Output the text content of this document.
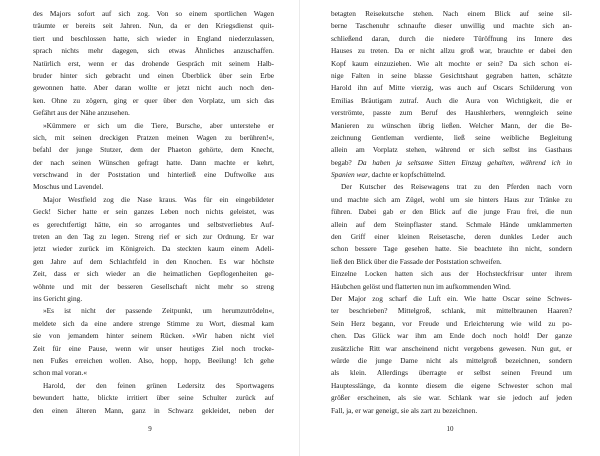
des Majors sofort auf sich zog. Von so einem sportlichen Wagen
träumte er bereits seit Jahren. Nun, da er den Kriegsdienst quit-
tiert und beschlossen hatte, sich wieder in England niederzulassen,
sprach nichts mehr dagegen, sich etwas Ähnliches anzuschaffen.
Natürlich erst, wenn er das drohende Gespräch mit seinem Halb-
bruder hinter sich gebracht und einen Überblick über sein Erbe
gewonnen hatte. Aber daran wollte er jetzt nicht auch noch den-
ken. Ohne zu zögern, ging er quer über den Vorplatz, um sich das
Gefährt aus der Nähe anzusehen.
»Kümmere er sich um die Tiere, Bursche, aber unterstehe er
sich, mit seinen dreckigen Pratzen meinen Wagen zu berühren!«,
befahl der junge Stutzer, dem der Phaeton gehörte, dem Knecht,
der nach seinen Wünschen gefragt hatte. Dann machte er kehrt,
verschwand in der Poststation und hinterließ eine Duftwolke aus
Moschus und Lavendel.
Major Westfield zog die Nase kraus. Was für ein eingebildeter
Geck! Sicher hatte er sein ganzes Leben noch nichts geleistet, was
es gerechtfertigt hätte, ein so arrogantes und selbstverliebtes Auf-
treten an den Tag zu legen. Streng rief er sich zur Ordnung. Er war
jetzt wieder zurück im Königreich. Da steckten kaum einem Adeli-
gen Jahre auf dem Schlachtfeld in den Knochen. Es war höchste
Zeit, dass er sich wieder an die heimatlichen Gepflogenheiten ge-
wöhnte und mit der besseren Gesellschaft nicht mehr so streng
ins Gericht ging.
»Es ist nicht der passende Zeitpunkt, um herumzutrödeln«,
meldete sich da eine andere strenge Stimme zu Wort, diesmal kam
sie von jemandem hinter seinem Rücken. »Wir haben nicht viel
Zeit für eine Pause, wenn wir unser heutiges Ziel noch trocke-
nen Fußes erreichen wollen. Also, hopp, hopp, Beeilung! Ich gehe
schon mal voran.«
Harold, der den feinen grünen Ledersitz des Sportwagens
bewundert hatte, blickte irritiert über seine Schulter zurück auf
den einen älteren Mann, ganz in Schwarz gekleidet, neben der
9
betagten Reisekutsche stehen. Nach einem Blick auf seine sil-
berne Taschenuhr schnaufte dieser unwillig und machte sich an-
schließend daran, durch die niedere Türöffnung ins Innere des
Hauses zu treten. Da er nicht allzu groß war, brauchte er dabei den
Kopf kaum einzuziehen. Wie alt mochte er sein? Da sich schon ei-
nige Falten in seine blasse Gesichtshaut gegraben hatten, schätzte
Harold ihn auf Mitte vierzig, was auch auf Oscars Schilderung von
Emilias Bräutigam zutraf. Auch die Aura von Wichtigkeit, die er
verströmte, passte zum Beruf des Haushlerhers, wenngleich seine
Manieren zu wünschen übrig ließen. Welcher Mann, der die Be-
zeichnung Gentleman verdiente, ließ seine weibliche Begleitung
allein am Vorplatz stehen, während er sich selbst ins Gasthaus
begab? Da haben ja seltsame Sitten Einzug gehalten, während ich in
Spanien war, dachte er kopfschüttelnd.
Der Kutscher des Reisewagens trat zu den Pferden nach vorn
und machte sich am Zügel, wohl um sie hinters Haus zur Tränke zu
führen. Dabei gab er den Blick auf die junge Frau frei, die nun
allein auf dem Steinpflaster stand. Schmale Hände umklammerten
den Griff einer kleinen Reisetasche, deren dunkles Leder auch
schon bessere Tage gesehen hatte. Sie beachtete ihn nicht, sondern
ließ den Blick über die Fassade der Poststation schweifen.
Einzelne Locken hatten sich aus der Hochsteckfrisur unter ihrem
Häubchen gelöst und flatterten nun im aufkommenden Wind.
Der Major zog scharf die Luft ein. Wie hatte Oscar seine Schwes-
ter beschrieben? Mittelgroß, schlank, mit mittelbraunen Haaren?
Sein Herz begann, vor Freude und Erleichterung wie wild zu po-
chen. Das Glück war ihm am Ende doch noch hold! Der ganze
zusätzliche Ritt war anscheinend nicht vergebens gewesen. Nun gut, er
würde die junge Dame nicht als mittelgroß bezeichnen, sondern
als klein. Allerdings überragte er selbst seinen Freund um
Hauptesslänge, da konnte diesem die eigene Schwester schon mal
größer erscheinen, als sie war. Schlank war sie jedoch auf jeden
Fall, ja, er war geneigt, sie als zart zu bezeichnen.
10
